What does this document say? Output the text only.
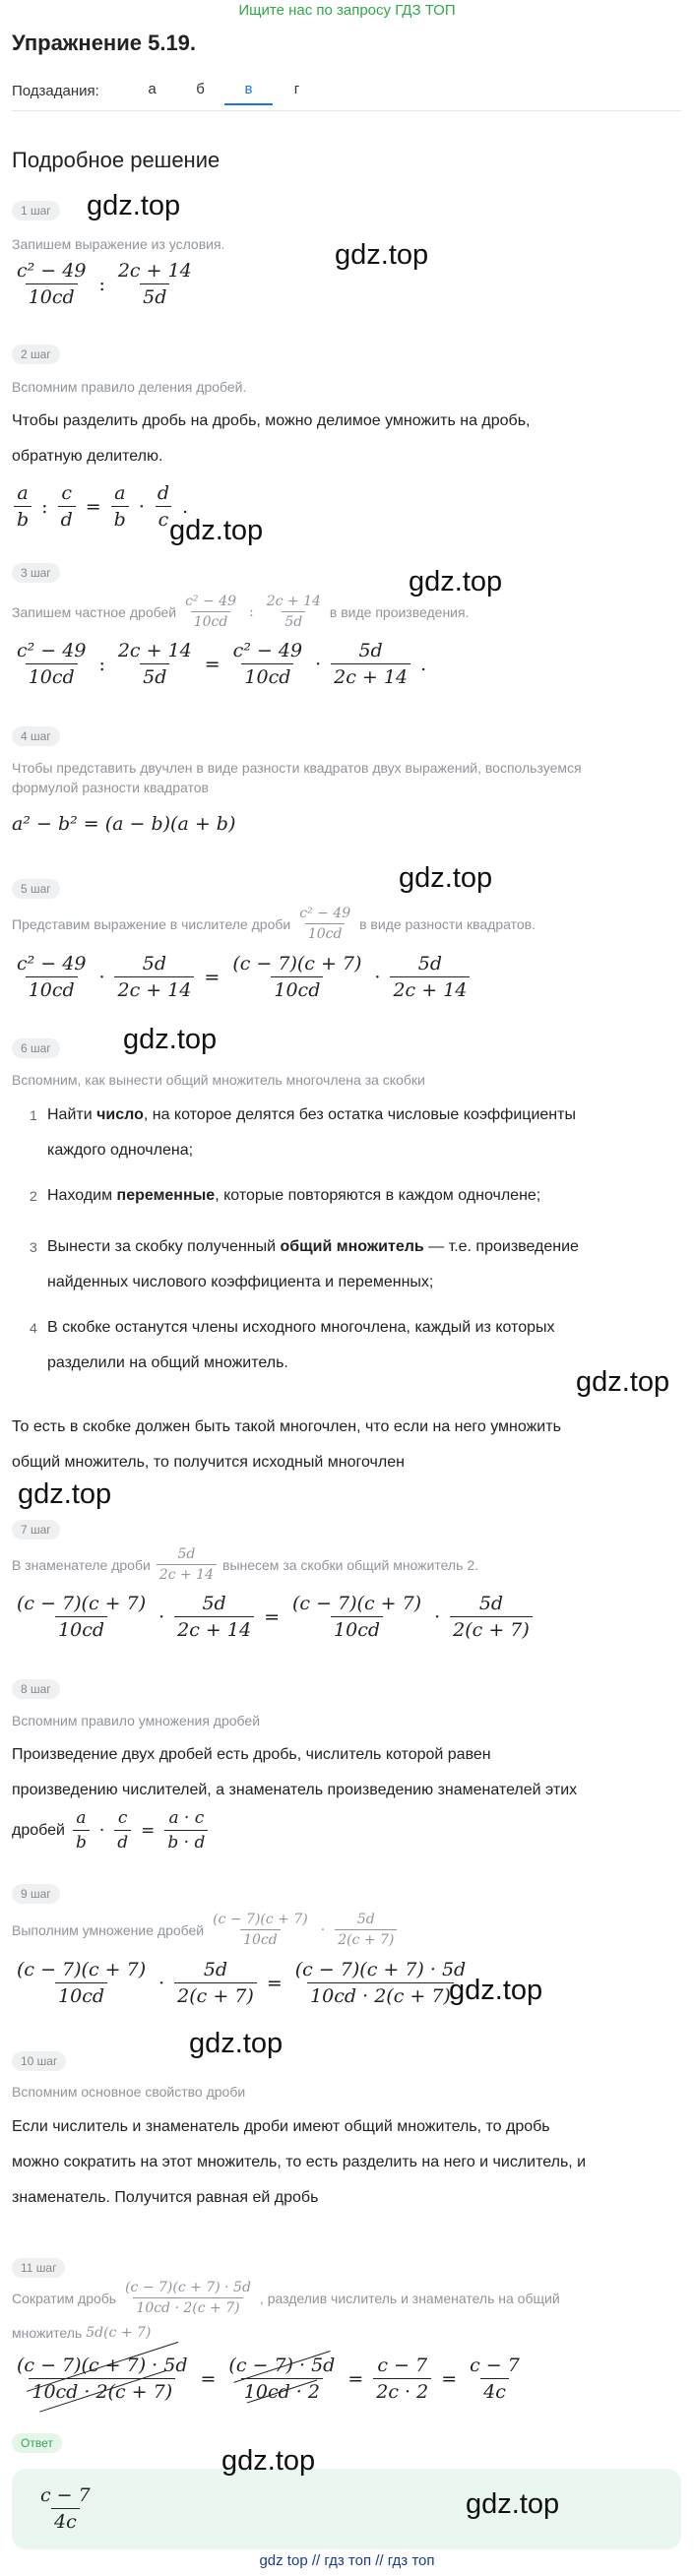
Ищите нас по запросу ГДЗ ТОП
Упражнение 5.19.
Подзадания:	а	б	в	г
Подробное решение
1 шаг	gdz.top
gdz.top
Запишем выражение из условия.
$\frac{\text{c² − 49}}{10cd}$ : $\frac{2c + 14}{5d}$
2 шаг
Вспомним правило деления дробей.
Чтобы разделить дробь на дробь, можно делимое умножить на дробь,
обратную делителю.
$\frac{a}{b}$ : $\frac{c}{d} = \frac{a}{b} \cdot \frac{d}{c}$ .
gdz.top
3 шаг	gdz.top
Запишем частное дробей $\frac{\text{c² − 49}}{10cd}$ : $\frac{2c + 14}{5d}$ в виде произведения.
$\frac{\text{c² − 49}}{10cd}$ : $\frac{2c + 14}{5d} = \frac{\text{c² − 49}}{10cd} \cdot \frac{5d}{2c + 14}$ .
4 шаг
Чтобы представить двучлен в виде разности квадратов двух выражений, воспользуемся
формулой разности квадратов
a² − b² = (a − b)(a + b)
gdz.top
5 шаг
Представим выражение в числителе дроби $\frac{\text{c² − 49}}{10cd}$ в виде разности квадратов.
$\frac{\text{c² − 49}}{10cd} \cdot \frac{5d}{2c + 14} = \frac{(c - 7)(c + 7)}{10cd} \cdot \frac{5d}{2c + 14}$
6 шаг	gdz.top
Вспомним, как вынести общий множитель многочлена за скобки
1 Найти число, на которое делятся без остатка числовые коэффициенты
каждого одночлена;
2 Находим переменные, которые повторяются в каждом одночлене;
3 Вынести за скобку полученный общий множитель — т.е. произведение
найденных числового коэффициента и переменных;
4 В скобке останутся члены исходного многочлена, каждый из которых
разделили на общий множитель.
gdz.top
То есть в скобке должен быть такой многочлен, что если на него умножить
общий множитель, то получится исходный многочлен
gdz.top
7 шаг
В знаменателе дроби $\frac{5d}{2c + 14}$ вынесем за скобки общий множитель 2.
$\frac{(c - 7)(c + 7)}{10cd} \cdot \frac{5d}{2c + 14} = \frac{(c - 7)(c + 7)}{10cd} \cdot \frac{5d}{2(c + 7)}$
8 шаг
Вспомним правило умножения дробей
Произведение двух дробей есть дробь, числитель которой равен
произведению числителей, а знаменатель произведению знаменателей этих
дробей $\frac{a}{b} \cdot \frac{c}{d} = \frac{a \cdot c}{b \cdot d}$
9 шаг
Выполним умножение дробей $\frac{(c - 7)(c + 7)}{10cd} \cdot \frac{5d}{2(c + 7)}$
$\frac{(c - 7)(c + 7)}{10cd} \cdot \frac{5d}{2(c + 7)} = \frac{(c - 7)(c + 7) \cdot 5d}{10cd \cdot 2(c + 7)}$
gdz.top
gdz.top
10 шаг
Вспомним основное свойство дроби
Если числитель и знаменатель дроби имеют общий множитель, то дробь
можно сократить на этот множитель, то есть разделить на него и числитель, и
знаменатель. Получится равная ей дробь
11 шаг
Сократим дробь $\frac{(c - 7)(c + 7) \cdot 5d}{10cd \cdot 2(c + 7)}$ , разделив числитель и знаменатель на общий
множитель 5d(c + 7)
$\frac{(c - 7)(c + 7) \cdot 5d}{10cd \cdot 2(c + 7)} = \frac{(c - 7) \cdot 5d}{10cd \cdot 2} = \frac{c - 7}{2c \cdot 2} = \frac{c - 7}{4c}$
Ответ
$\frac{c - 7}{4c}$
gdz.top
gdz.top
gdz top // гдз топ // гдз топ
